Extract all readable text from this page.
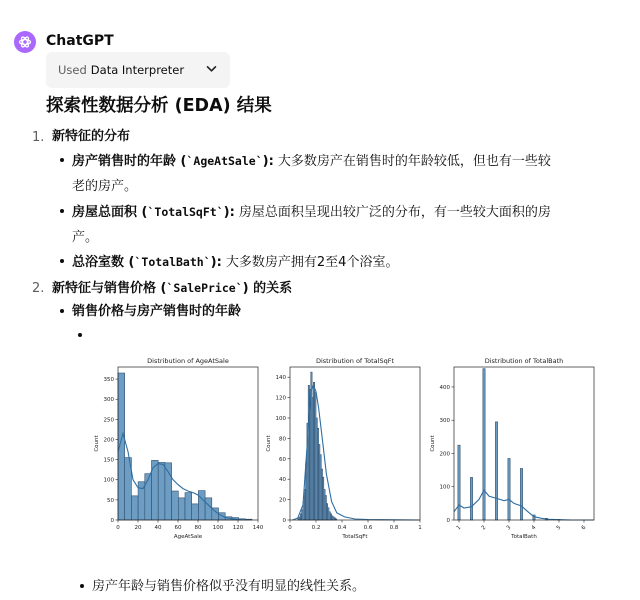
ChatGPT
Used Data Interpreter
探索性数据分析 (EDA) 结果
1. 新特征的分布
房产销售时的年龄 (`AgeAtSale`): 大多数房产在销售时的年龄较低，但也有一些较
老的房产。
房屋总面积 (`TotalSqFt`): 房屋总面积呈现出较广泛的分布，有一些较大面积的房
产。
总浴室数 (`TotalBath`): 大多数房产拥有2至4个浴室。
2. 新特征与销售价格 (`SalePrice`) 的关系
销售价格与房产销售时的年龄
0	20 40 60 80 100 120 140
0
50
100
150
200
250
300
350
Distribution of AgeAtSale
AgeAtSale
Count
0	0.2	0.4	0.6	0.8	1
0
20
40
60
80
100
120
140
Distribution of TotalSqFt
TotalSqFt
Count
1	2	3	4	5	6
0
100
200
300
400
Distribution of TotalBath
TotalBath
Count
房产年龄与销售价格似乎没有明显的线性关系。
